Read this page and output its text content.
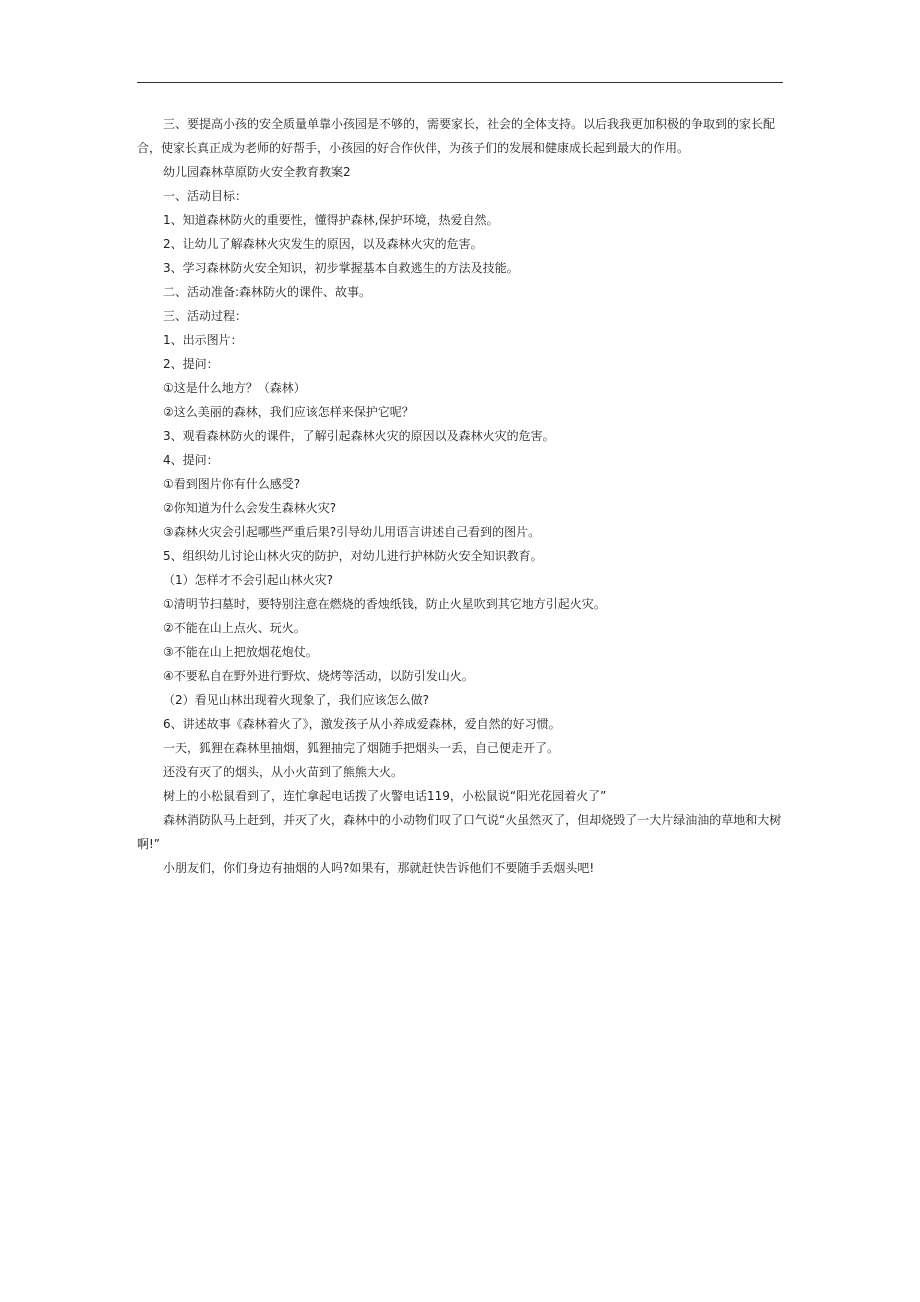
三、要提高小孩的安全质量单靠小孩园是不够的，需要家长，社会的全体支持。以后我我更加积极的争取到的家长配合，使家长真正成为老师的好帮手，小孩园的好合作伙伴，为孩子们的发展和健康成长起到最大的作用。

幼儿园森林草原防火安全教育教案2

一、活动目标：

1、知道森林防火的重要性，懂得护森林,保护环境，热爱自然。

2、让幼儿了解森林火灾发生的原因，以及森林火灾的危害。

3、学习森林防火安全知识，初步掌握基本自救逃生的方法及技能。

二、活动准备:森林防火的课件、故事。

三、活动过程：

1、出示图片：

2、提问：

①这是什么地方？（森林）

②这么美丽的森林，我们应该怎样来保护它呢？

3、观看森林防火的课件，了解引起森林火灾的原因以及森林火灾的危害。

4、提问：

①看到图片你有什么感受?

②你知道为什么会发生森林火灾?

③森林火灾会引起哪些严重后果?引导幼儿用语言讲述自己看到的图片。

5、组织幼儿讨论山林火灾的防护，对幼儿进行护林防火安全知识教育。

（1）怎样才不会引起山林火灾?

①清明节扫墓时，要特别注意在燃烧的香烛纸钱，防止火星吹到其它地方引起火灾。

②不能在山上点火、玩火。

③不能在山上把放烟花炮仗。

④不要私自在野外进行野炊、烧烤等活动，以防引发山火。

（2）看见山林出现着火现象了，我们应该怎么做?

6、讲述故事《森林着火了》，激发孩子从小养成爱森林，爱自然的好习惯。

一天，狐狸在森林里抽烟，狐狸抽完了烟随手把烟头一丢，自己便走开了。

还没有灭了的烟头，从小火苗到了熊熊大火。

树上的小松鼠看到了，连忙拿起电话拨了火警电话119，小松鼠说“阳光花园着火了”

森林消防队马上赶到，并灭了火，森林中的小动物们叹了口气说“火虽然灭了，但却烧毁了一大片绿油油的草地和大树啊!”

小朋友们，你们身边有抽烟的人吗?如果有，那就赶快告诉他们不要随手丢烟头吧!
